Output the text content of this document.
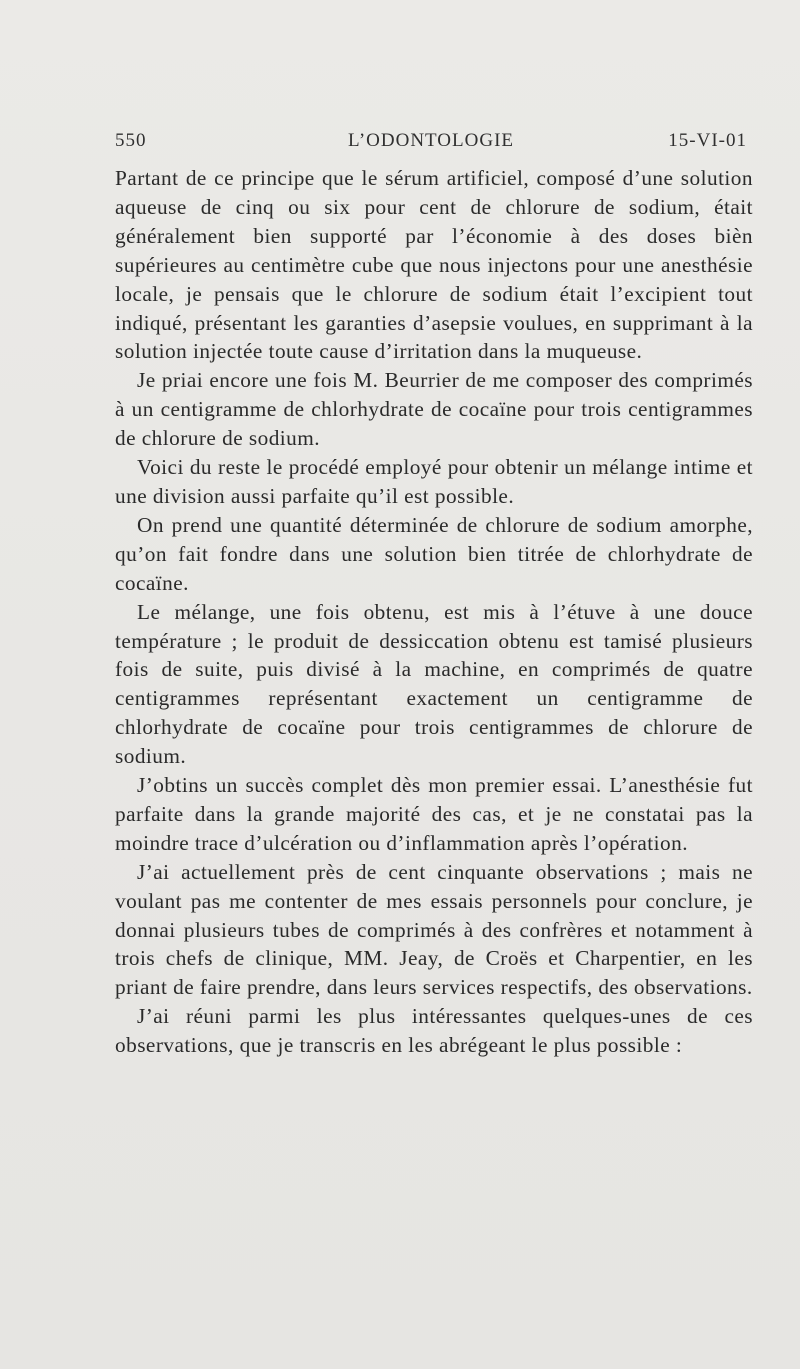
550	L’ODONTOLOGIE	15-VI-01

Partant de ce principe que le sérum artificiel, composé d’une solution aqueuse de cinq ou six pour cent de chlorure de sodium, était généralement bien supporté par l’économie à des doses bièn supérieures au centimètre cube que nous injectons pour une anesthésie locale, je pensais que le chlorure de sodium était l’excipient tout indiqué, présentant les garanties d’asepsie voulues, en supprimant à la solution injectée toute cause d’irritation dans la muqueuse.

Je priai encore une fois M. Beurrier de me composer des comprimés à un centigramme de chlorhydrate de cocaïne pour trois centigrammes de chlorure de sodium.

Voici du reste le procédé employé pour obtenir un mélange intime et une division aussi parfaite qu’il est possible.

On prend une quantité déterminée de chlorure de sodium amorphe, qu’on fait fondre dans une solution bien titrée de chlorhydrate de cocaïne.

Le mélange, une fois obtenu, est mis à l’étuve à une douce température ; le produit de dessiccation obtenu est tamisé plusieurs fois de suite, puis divisé à la machine, en comprimés de quatre centigrammes représentant exactement un centigramme de chlorhydrate de cocaïne pour trois centigrammes de chlorure de sodium.

J’obtins un succès complet dès mon premier essai. L’anesthésie fut parfaite dans la grande majorité des cas, et je ne constatai pas la moindre trace d’ulcération ou d’inflammation après l’opération.

J’ai actuellement près de cent cinquante observations ; mais ne voulant pas me contenter de mes essais personnels pour conclure, je donnai plusieurs tubes de comprimés à des confrères et notamment à trois chefs de clinique, MM. Jeay, de Croës et Charpentier, en les priant de faire prendre, dans leurs services respectifs, des observations.

J’ai réuni parmi les plus intéressantes quelques-unes de ces observations, que je transcris en les abrégeant le plus possible :
